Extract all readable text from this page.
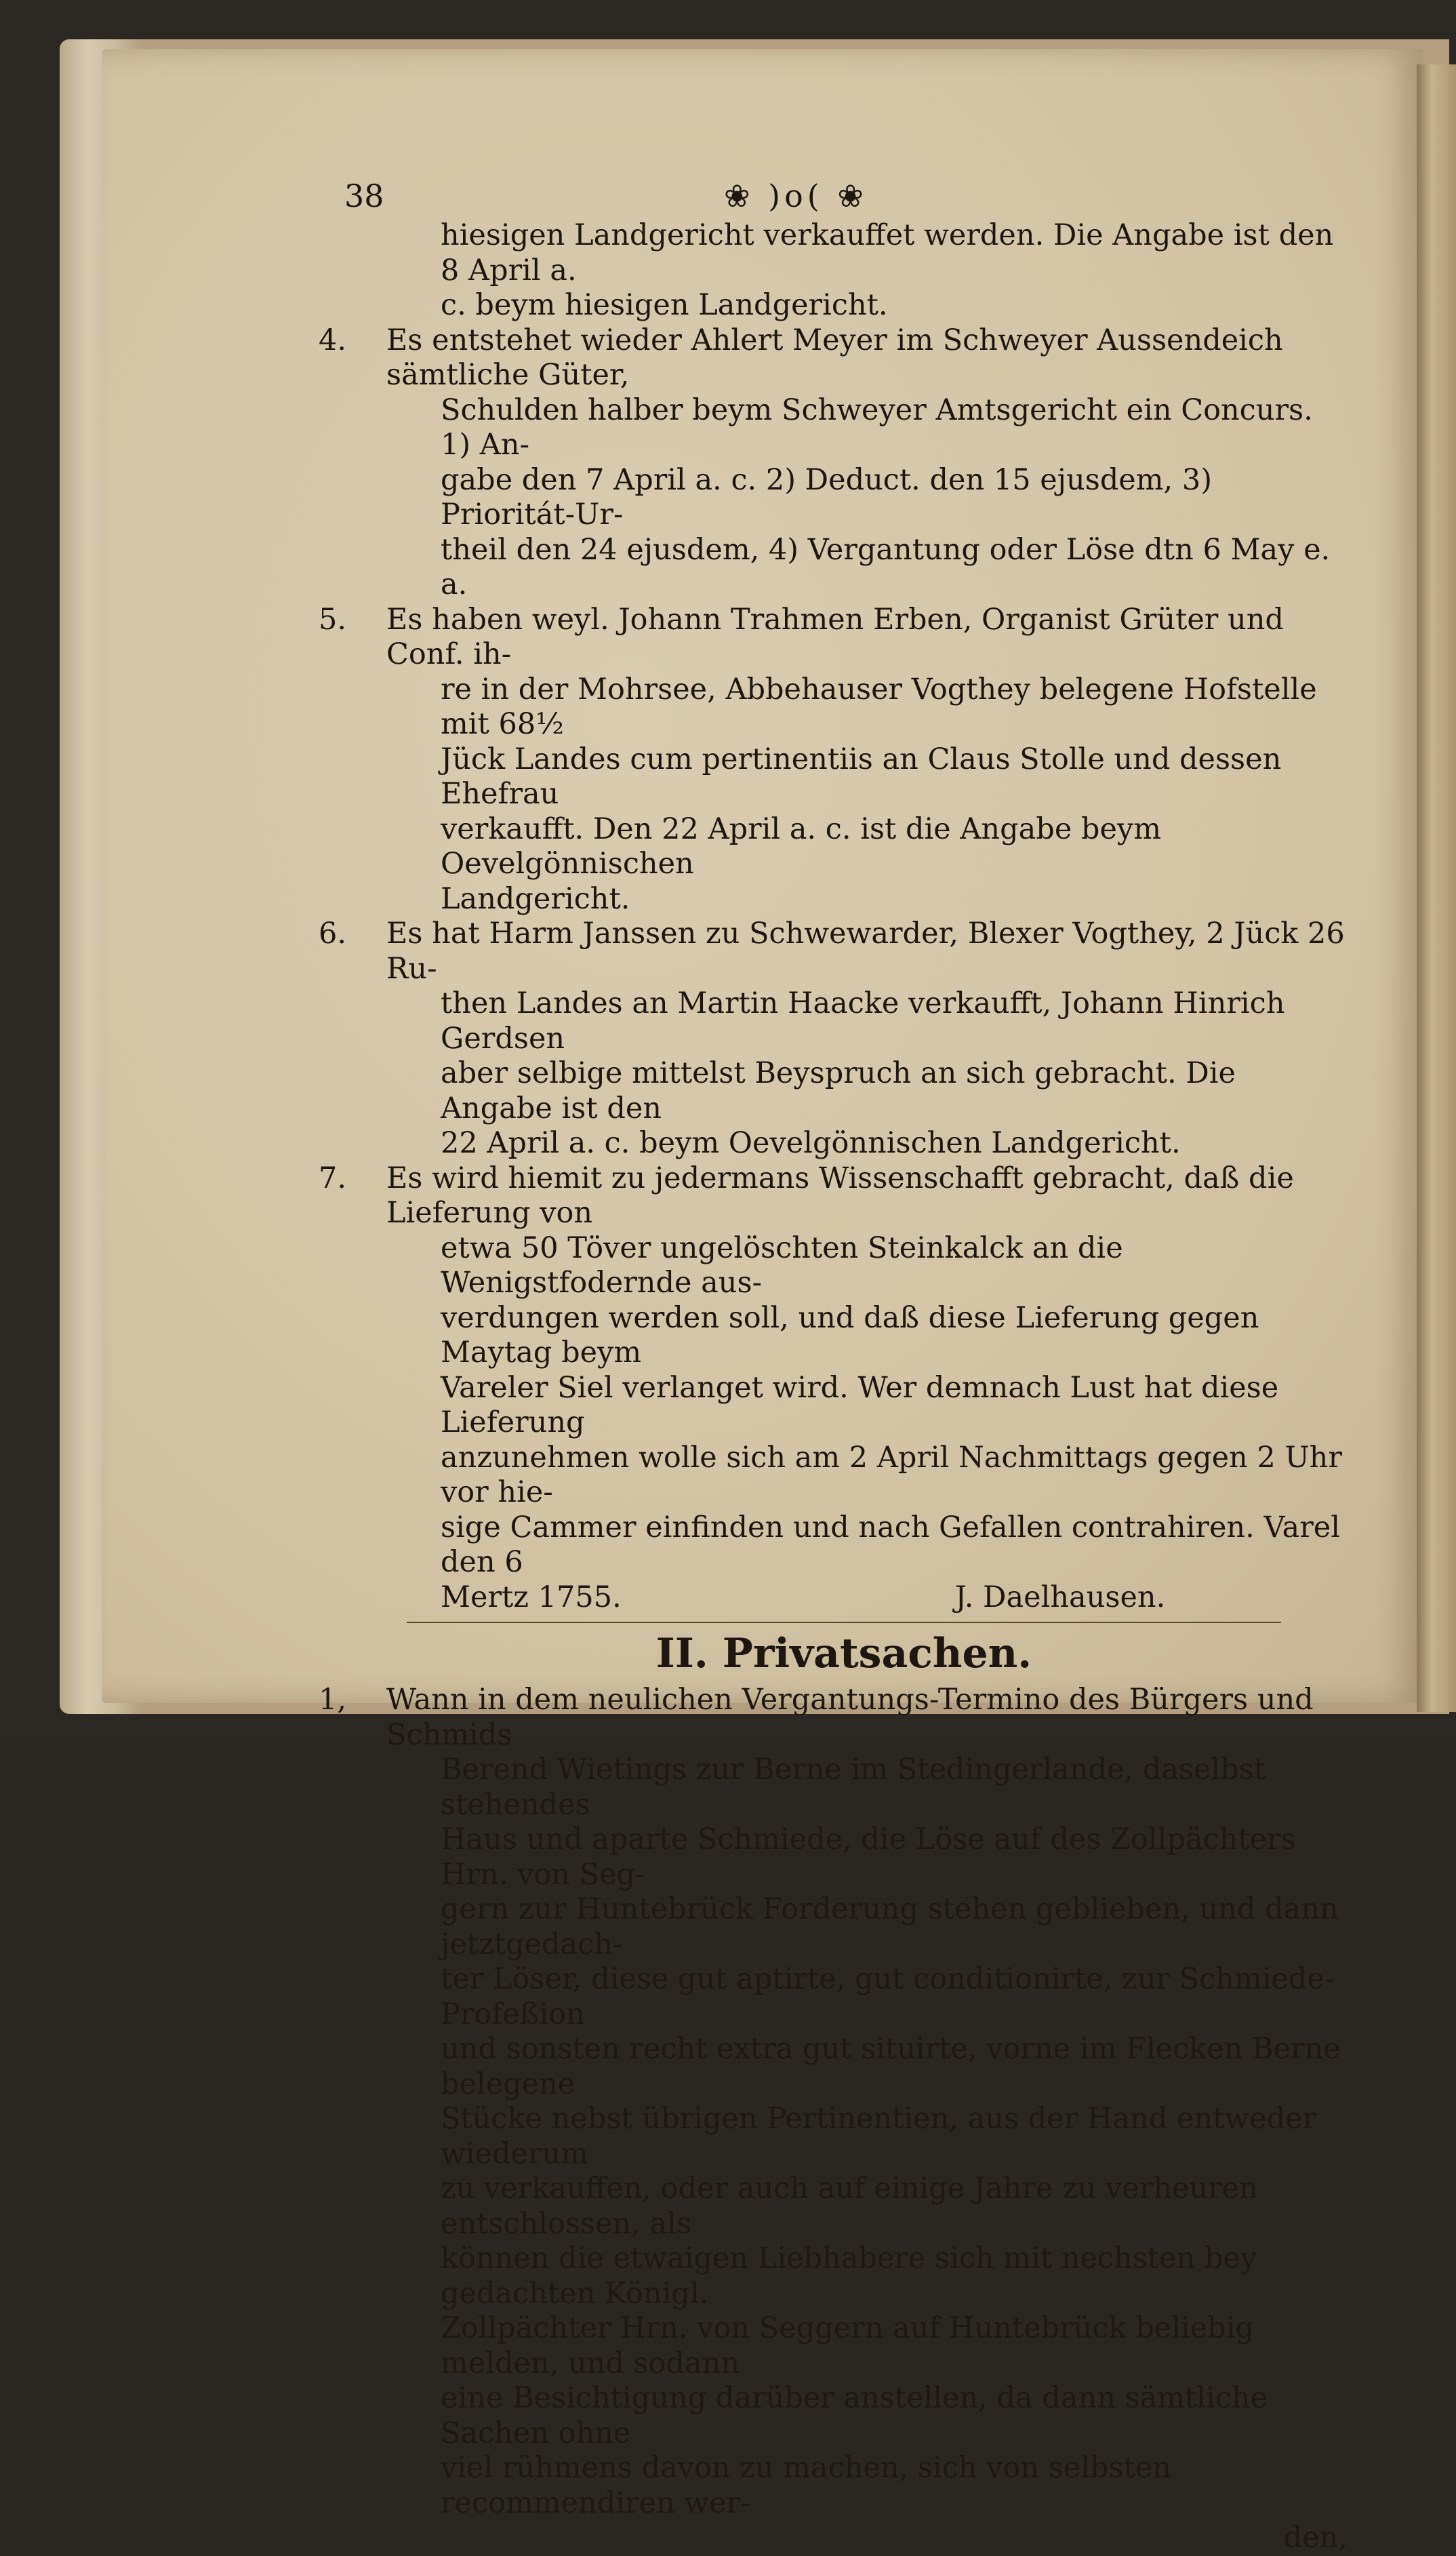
38	❀ )o( ❀
hiesigen Landgericht verkauffet werden. Die Angabe ist den 8 April a.
c. beym hiesigen Landgericht.
4. Es entstehet wieder Ahlert Meyer im Schweyer Aussendeich sämtliche Güter,
Schulden halber beym Schweyer Amtsgericht ein Concurs. 1) An-
gabe den 7 April a. c. 2) Deduct. den 15 ejusdem, 3) Prioritát-Ur-
theil den 24 ejusdem, 4) Vergantung oder Löse dtn 6 May e. a.
5. Es haben weyl. Johann Trahmen Erben, Organist Grüter und Conf. ih-
re in der Mohrsee, Abbehauser Vogthey belegene Hofstelle mit 68½
Jück Landes cum pertinentiis an Claus Stolle und dessen Ehefrau
verkaufft. Den 22 April a. c. ist die Angabe beym Oevelgönnischen
Landgericht.
6. Es hat Harm Janssen zu Schwewarder, Blexer Vogthey, 2 Jück 26 Ru-
then Landes an Martin Haacke verkaufft, Johann Hinrich Gerdsen
aber selbige mittelst Beyspruch an sich gebracht. Die Angabe ist den
22 April a. c. beym Oevelgönnischen Landgericht.
7. Es wird hiemit zu jedermans Wissenschafft gebracht, daß die Lieferung von
etwa 50 Töver ungelöschten Steinkalck an die Wenigstfodernde aus-
verdungen werden soll, und daß diese Lieferung gegen Maytag beym
Vareler Siel verlanget wird. Wer demnach Lust hat diese Lieferung
anzunehmen wolle sich am 2 April Nachmittags gegen 2 Uhr vor hie-
sige Cammer einfinden und nach Gefallen contrahiren. Varel den 6
Mertz 1755.                                    J. Daelhausen.
II. Privatsachen.
1, Wann in dem neulichen Vergantungs-Termino des Bürgers und Schmids
Berend Wietings zur Berne im Stedingerlande, daselbst stehendes
Haus und aparte Schmiede, die Löse auf des Zollpächters Hrn. von Seg-
gern zur Huntebrück Forderung stehen geblieben, und dann jetztgedach-
ter Löser, diese gut aptirte, gut conditionirte, zur Schmiede-Profeßion
und sonsten recht extra gut situirte, vorne im Flecken Berne belegene
Stücke nebst übrigen Pertinentien, aus der Hand entweder wiederum
zu verkauffen, oder auch auf einige Jahre zu verheuren entschlossen, als
können die etwaigen Liebhabere sich mit nechsten bey gedachten Königl.
Zollpächter Hrn. von Seggern auf Huntebrück beliebig melden, und sodann
eine Besichtigung darüber anstellen, da dann sämtliche Sachen ohne
viel rühmens davon zu machen, sich von selbsten recommendiren wer-
den,
